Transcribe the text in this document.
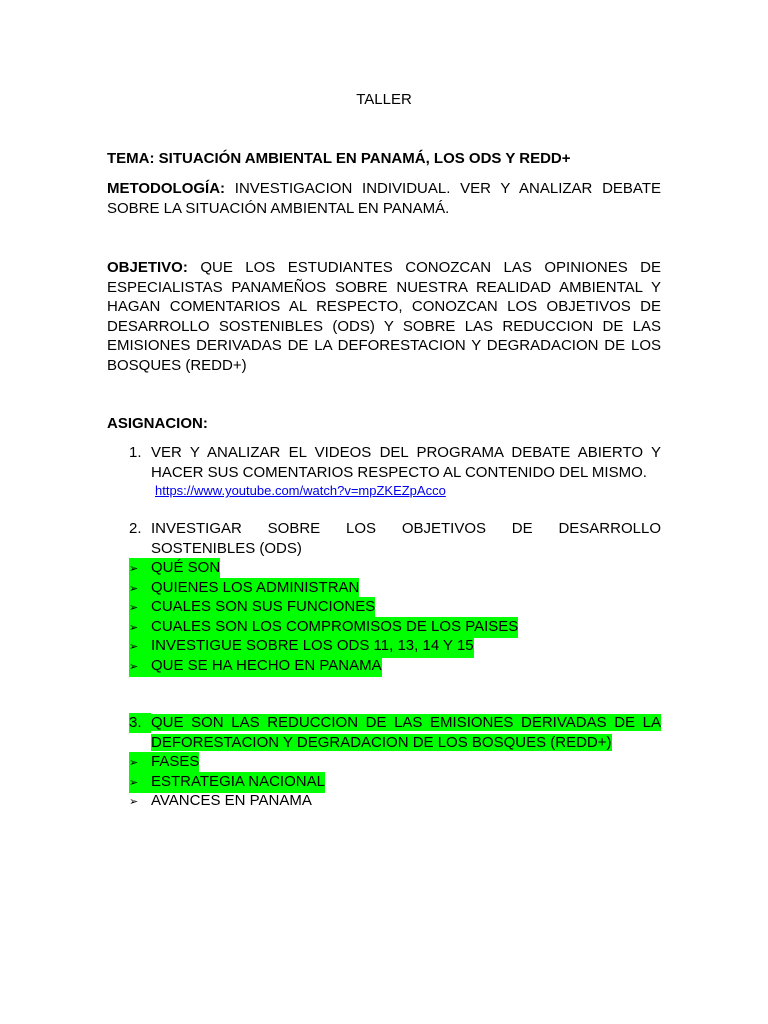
TALLER
TEMA: SITUACIÓN AMBIENTAL EN PANAMÁ, LOS ODS Y REDD+
METODOLOGÍA: INVESTIGACION INDIVIDUAL. VER Y ANALIZAR DEBATE SOBRE LA SITUACIÓN AMBIENTAL EN PANAMÁ.
OBJETIVO: QUE LOS ESTUDIANTES CONOZCAN LAS OPINIONES DE ESPECIALISTAS PANAMEÑOS SOBRE NUESTRA REALIDAD AMBIENTAL Y HAGAN COMENTARIOS AL RESPECTO, CONOZCAN LOS OBJETIVOS DE DESARROLLO SOSTENIBLES (ODS) Y SOBRE LAS REDUCCION DE LAS EMISIONES DERIVADAS DE LA DEFORESTACION Y DEGRADACION DE LOS BOSQUES (REDD+)
ASIGNACION:
1. VER Y ANALIZAR EL VIDEOS DEL PROGRAMA DEBATE ABIERTO Y HACER SUS COMENTARIOS RESPECTO AL CONTENIDO DEL MISMO.
https://www.youtube.com/watch?v=mpZKEZpAcco
2. INVESTIGAR SOBRE LOS OBJETIVOS DE DESARROLLO
SOSTENIBLES (ODS)
➢ QUÉ SON
➢ QUIENES LOS ADMINISTRAN
➢ CUALES SON SUS FUNCIONES
➢ CUALES SON LOS COMPROMISOS DE LOS PAISES
➢ INVESTIGUE SOBRE LOS ODS 11, 13, 14 Y 15
➢ QUE SE HA HECHO EN PANAMA
3. QUE SON LAS REDUCCION DE LAS EMISIONES DERIVADAS DE LA DEFORESTACION Y DEGRADACION DE LOS BOSQUES (REDD+)
➢ FASES
➢ ESTRATEGIA NACIONAL
➢ AVANCES EN PANAMA
